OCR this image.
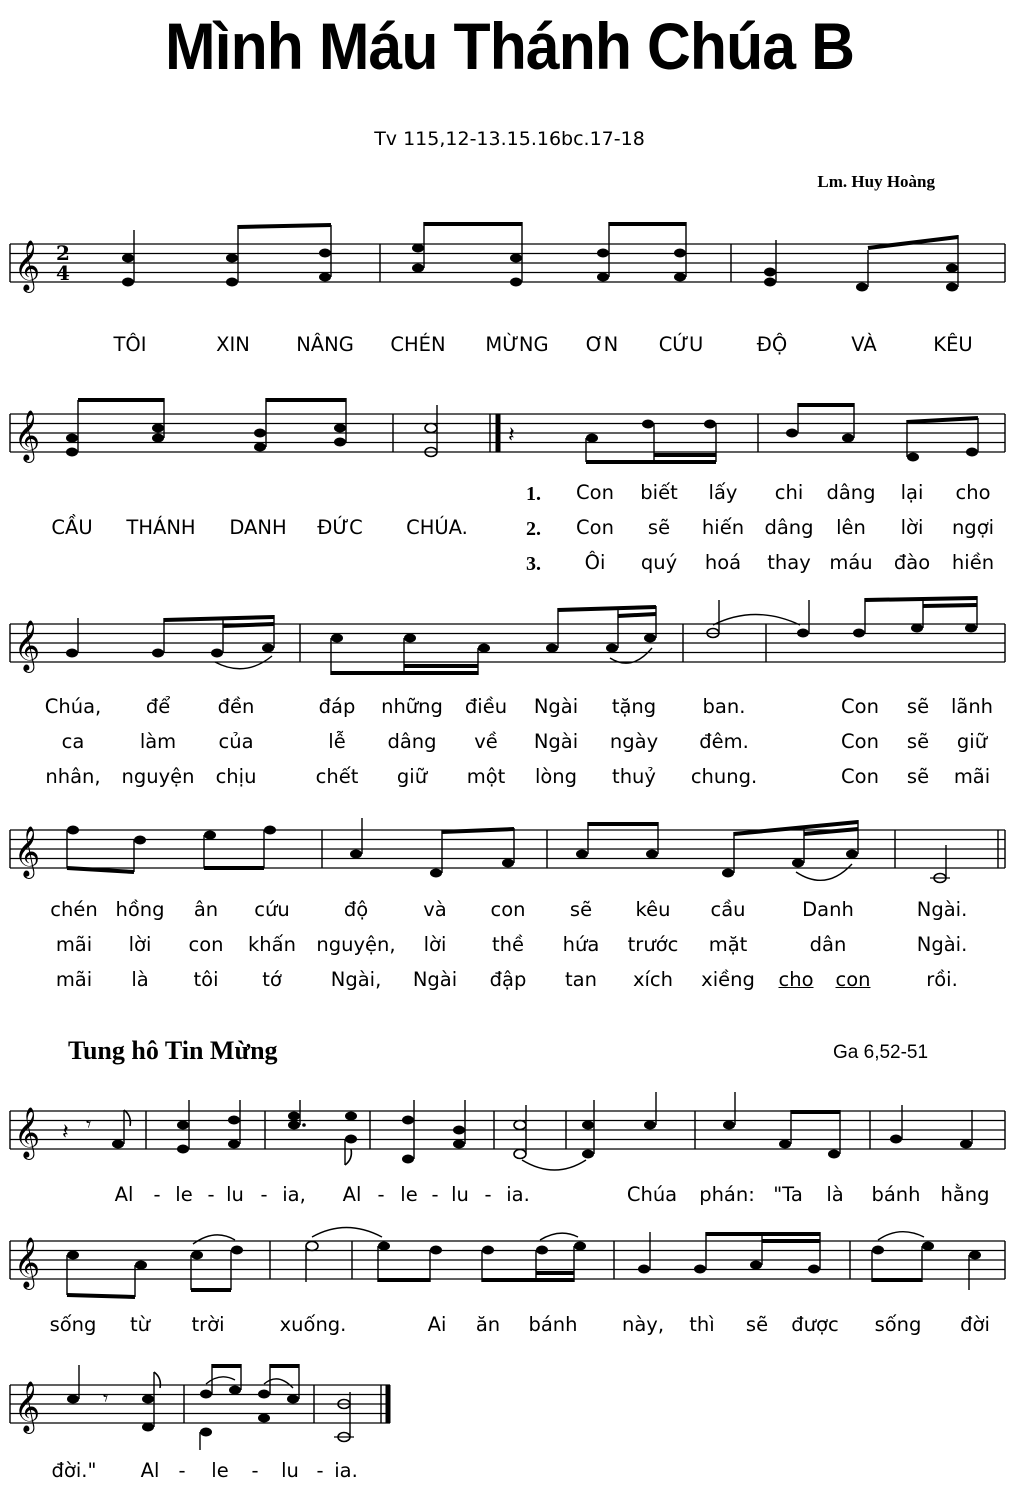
Mình Máu Thánh Chúa B
Tv 115,12-13.15.16bc.17-18
Lm. Huy Hoàng
𝄞 2
4
TÔI	XIN NÂNG CHÉN MỪNG ƠN CỨU	ĐỘ	VÀ	KÊU
𝄞	𝄽
1.
2.
3.
Con biết lấy chi dâng lại cho
Con sẽ hiến dâng lên lời ngợi
Ôi quý hoá thay máu đào hiền
CẦU THÁNH DANH ĐỨC CHÚA.
𝄞
Chúa, để đền	đáp những điều Ngài tặng ban.	Con sẽ lãnh
ca	làm của	lễ dâng về Ngài ngày đêm.	Con sẽ giữ
nhân, nguyện chịu	chết giữ một lòng thuỷ chung.	Con sẽ mãi
𝄞
chén hồng ân cứu	độ	và con sẽ kêu cầu	Danh	Ngài.
mãi lời con khấn nguyện, lời thề hứa trước mặt	dân	Ngài.
mãi là tôi tớ	Ngài, Ngài đập tan xích xiềng cho con	rồi.
Tung hô Tin Mừng	Ga 6,52-51
𝄞 𝄽 𝄾
Al - le - lu - ia, Al - le - lu - ia.	Chúa phán: "Ta là bánh hằng
𝄞
sống từ trời	xuống.	Ai ăn bánh này, thì sẽ được sống đời
𝄞	𝄾
đời." Al - le - lu - ia.
